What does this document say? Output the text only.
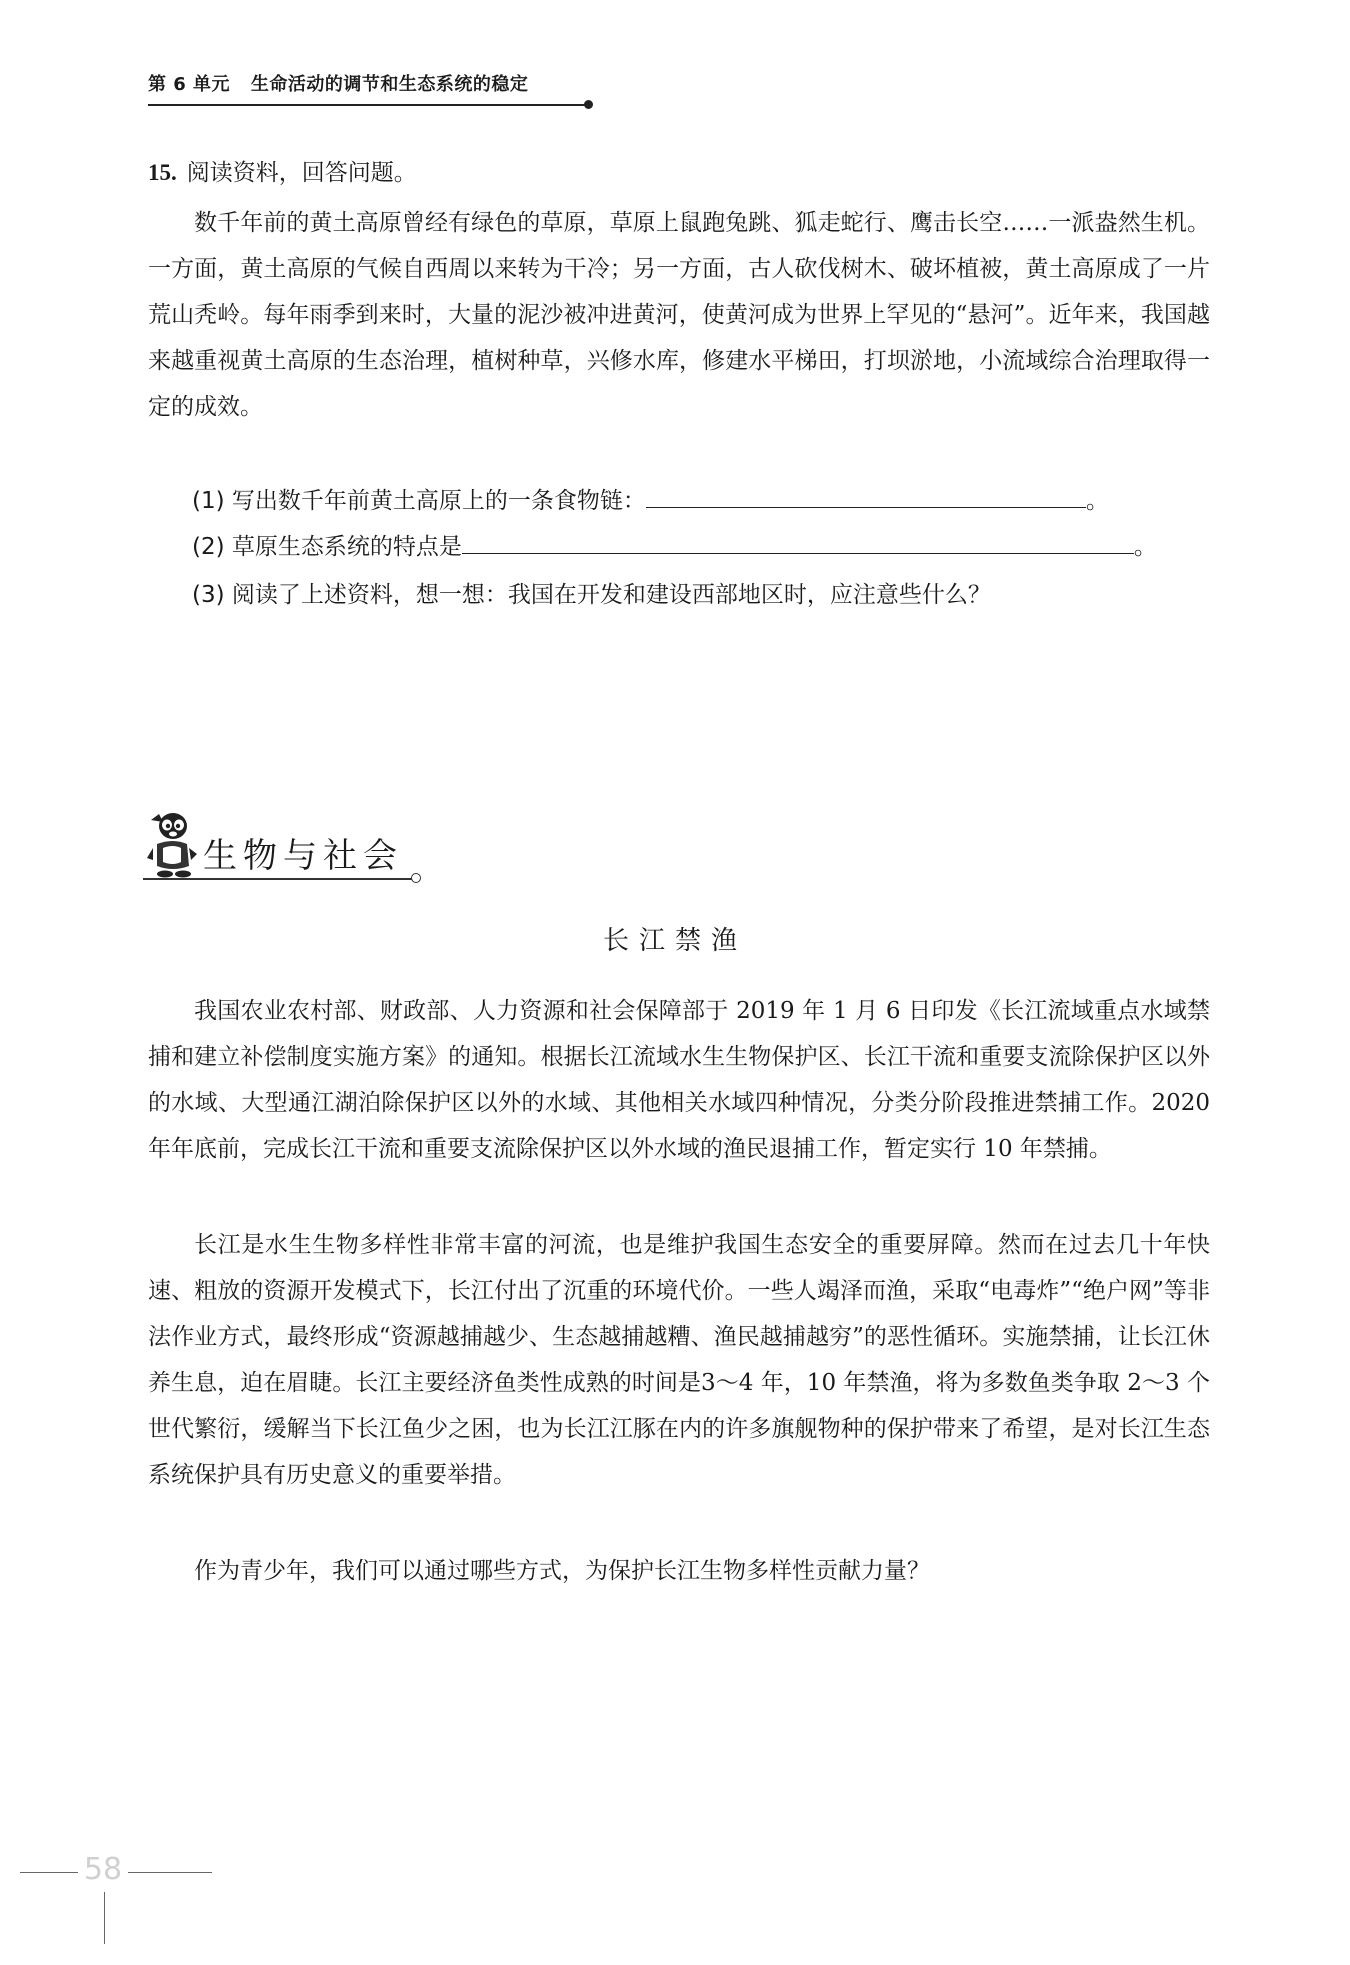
第 6 单元 生命活动的调节和生态系统的稳定
15. 阅读资料，回答问题。
数千年前的黄土高原曾经有绿色的草原，草原上鼠跑兔跳、狐走蛇行、鹰击长空……一派盎然生机。一方面，黄土高原的气候自西周以来转为干冷；另一方面，古人砍伐树木、破坏植被，黄土高原成了一片荒山秃岭。每年雨季到来时，大量的泥沙被冲进黄河，使黄河成为世界上罕见的“悬河”。近年来，我国越来越重视黄土高原的生态治理，植树种草，兴修水库，修建水平梯田，打坝淤地，小流域综合治理取得一定的成效。
(1) 写出数千年前黄土高原上的一条食物链：	。
(2) 草原生态系统的特点是	。
(3) 阅读了上述资料，想一想：我国在开发和建设西部地区时，应注意些什么？
生物与社会
长江禁渔
我国农业农村部、财政部、人力资源和社会保障部于 2019 年 1 月 6 日印发《长江流域重点水域禁捕和建立补偿制度实施方案》的通知。根据长江流域水生生物保护区、长江干流和重要支流除保护区以外的水域、大型通江湖泊除保护区以外的水域、其他相关水域四种情况，分类分阶段推进禁捕工作。2020 年年底前，完成长江干流和重要支流除保护区以外水域的渔民退捕工作，暂定实行 10 年禁捕。
长江是水生生物多样性非常丰富的河流，也是维护我国生态安全的重要屏障。然而在过去几十年快速、粗放的资源开发模式下，长江付出了沉重的环境代价。一些人竭泽而渔，采取“电毒炸”“绝户网”等非法作业方式，最终形成“资源越捕越少、生态越捕越糟、渔民越捕越穷”的恶性循环。实施禁捕，让长江休养生息，迫在眉睫。长江主要经济鱼类性成熟的时间是3～4 年，10 年禁渔，将为多数鱼类争取 2～3 个世代繁衍，缓解当下长江鱼少之困，也为长江江豚在内的许多旗舰物种的保护带来了希望，是对长江生态系统保护具有历史意义的重要举措。
作为青少年，我们可以通过哪些方式，为保护长江生物多样性贡献力量？
58
